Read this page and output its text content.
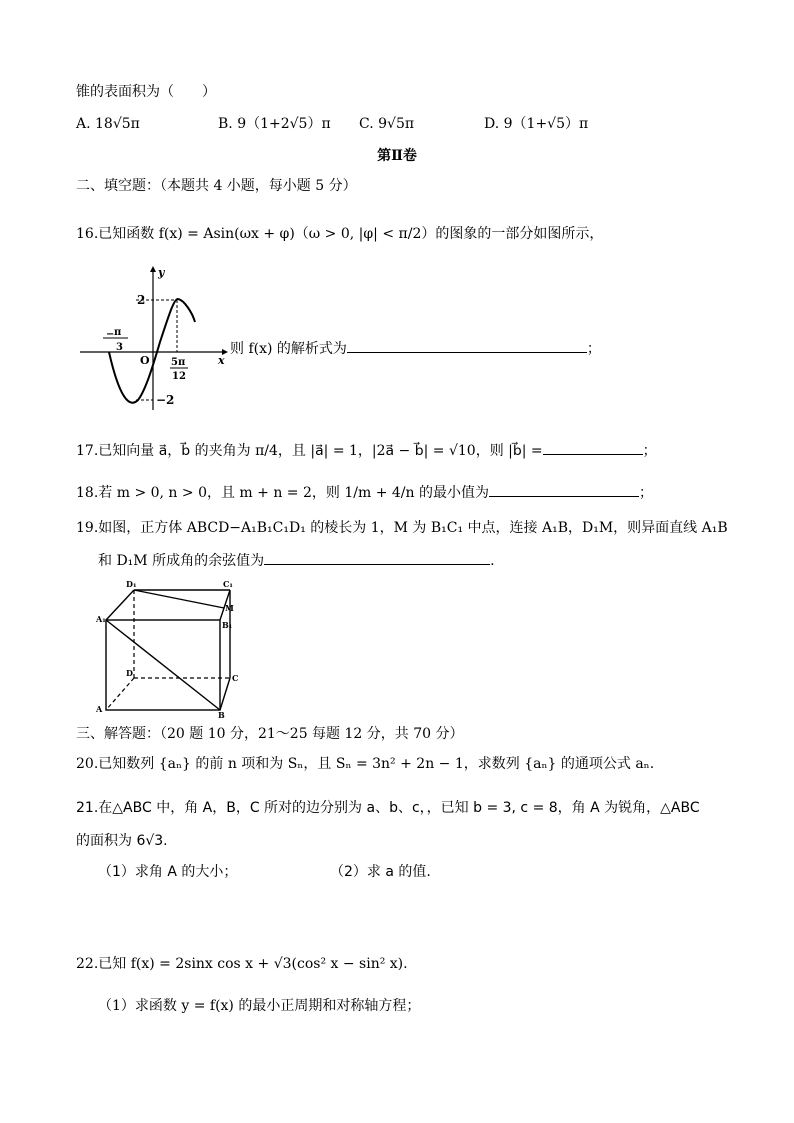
锥的表面积为（　　）
A. 18√5π	B. 9（1+2√5）π C. 9√5π	D. 9（1+√5）π
第Ⅱ卷
二、填空题：（本题共 4 小题，每小题 5 分）
16.已知函数 f(x) = Asin(ωx + φ)（ω > 0, |φ| < π/2）的图象的一部分如图所示，
y
x
O
2
−2
− π
3
5π
12
则 f(x) 的解析式为	；
17.已知向量 a⃗，b⃗ 的夹角为 π/4，且 |a⃗| = 1，|2a⃗ − b⃗| = √10，则 |b⃗| =	；
18.若 m > 0, n > 0，且 m + n = 2，则 1/m + 4/n 的最小值为	；
19.如图，正方体 ABCD−A₁B₁C₁D₁ 的棱长为 1，M 为 B₁C₁ 中点，连接 A₁B，D₁M，则异面直线 A₁B
和 D₁M 所成角的余弦值为	.
D₁	C₁
M
A₁
B₁
D	C
A
B
三、解答题：（20 题 10 分，21～25 每题 12 分，共 70 分）
20.已知数列 {aₙ} 的前 n 项和为 Sₙ，且 Sₙ = 3n² + 2n − 1，求数列 {aₙ} 的通项公式 aₙ.
21.在△ABC 中，角 A，B，C 所对的边分别为 a、b、c，，已知 b = 3, c = 8，角 A 为锐角，△ABC
的面积为 6√3.
（1）求角 A 的大小；	（2）求 a 的值.
22.已知 f(x) = 2sinx cos x + √3(cos² x − sin² x).
（1）求函数 y = f(x) 的最小正周期和对称轴方程；
